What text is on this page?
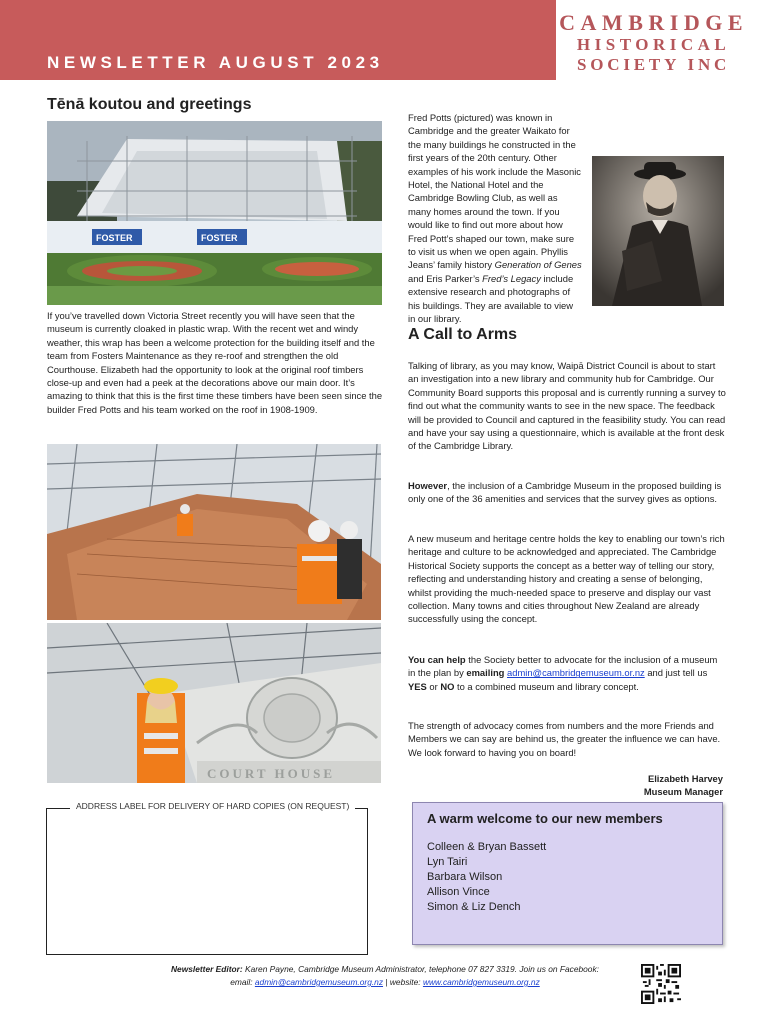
NEWSLETTER AUGUST 2023
CAMBRIDGE
HISTORICAL
SOCIETY INC
Tēnā koutou and greetings
FOSTER	FOSTER
If you’ve travelled down Victoria Street recently you will have seen that the museum is currently cloaked in plastic wrap. With the recent wet and windy weather, this wrap has been a welcome protection for the building itself and the team from Fosters Maintenance as they re-roof and strengthen the old Courthouse. Elizabeth had the opportunity to look at the original roof timbers close-up and even had a peek at the decorations above our main door. It’s amazing to think that this is the first time these timbers have been seen since the builder Fred Potts and his team worked on the roof in 1908-1909.
COURT HOUSE
Fred Potts (pictured) was known in Cambridge and the greater Waikato for the many buildings he constructed in the first years of the 20th century. Other examples of his work include the Masonic Hotel, the National Hotel and the Cambridge Bowling Club, as well as many homes around the town. If you would like to find out more about how Fred Pott’s shaped our town, make sure to visit us when we open again. Phyllis Jeans’ family history Generation of Genes and Eris Parker’s Fred’s Legacy include extensive research and photographs of his buildings. They are available to view in our library.
A Call to Arms
Talking of library, as you may know, Waipā District Council is about to start an investigation into a new library and community hub for Cambridge. Our Community Board supports this proposal and is currently running a survey to find out what the community wants to see in the new space. The feedback will be provided to Council and captured in the feasibility study. You can read and have your say using a questionnaire, which is available at the front desk of the Cambridge Library.
However, the inclusion of a Cambridge Museum in the proposed building is only one of the 36 amenities and services that the survey gives as options.
A new museum and heritage centre holds the key to enabling our town’s rich heritage and culture to be acknowledged and appreciated. The Cambridge Historical Society supports the concept as a better way of telling our story, reflecting and understanding history and creating a sense of belonging, whilst providing the much-needed space to preserve and display our vast collection. Many towns and cities throughout New Zealand are already successfully using the concept.
You can help the Society better to advocate for the inclusion of a museum in the plan by emailing admin@cambridgemuseum.or.nz and just tell us YES or NO to a combined museum and library concept.
The strength of advocacy comes from numbers and the more Friends and Members we can say are behind us, the greater the influence we can have. We look forward to having you on board!
Elizabeth Harvey
Museum Manager
ADDRESS LABEL FOR DELIVERY OF HARD COPIES (ON REQUEST)
A warm welcome to our new members
Colleen & Bryan Bassett
Lyn Tairi
Barbara Wilson
Allison Vince
Simon & Liz Dench
Newsletter Editor: Karen Payne, Cambridge Museum Administrator, telephone 07 827 3319. Join us on Facebook:
email: admin@cambridgemuseum.org.nz | website: www.cambridgemuseum.org.nz
